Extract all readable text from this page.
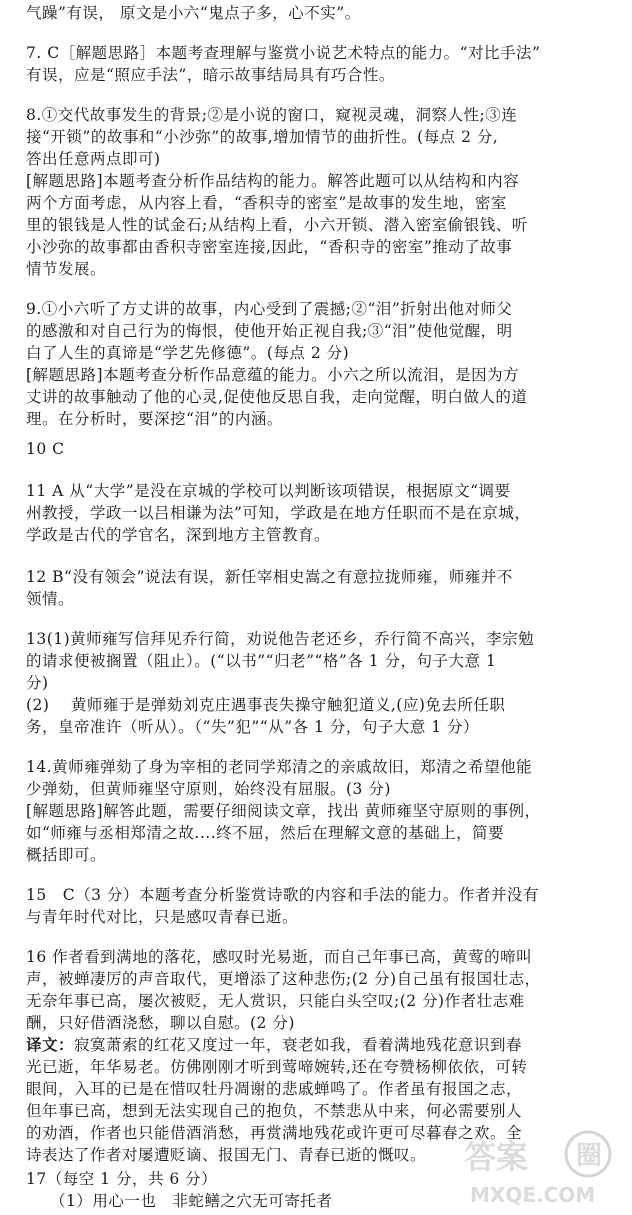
气躁”有误， 原文是小六“鬼点子多，心不实”。
7. C［解题思路］本题考查理解与鉴赏小说艺术特点的能力。“对比手法”
有误，应是“照应手法”，暗示故事结局具有巧合性。
8.①交代故事发生的背景;②是小说的窗口，窥视灵魂，洞察人性;③连
接“开锁”的故事和“小沙弥”的故事,增加情节的曲折性。(每点 2 分,
答出任意两点即可)
[解题思路]本题考查分析作品结构的能力。解答此题可以从结构和内容
两个方面考虑，从内容上看，“香积寺的密室”是故事的发生地，密室
里的银钱是人性的试金石;从结构上看，小六开锁、潜入密室偷银钱、听
小沙弥的故事都由香积寺密室连接,因此，“香积寺的密室”推动了故事
情节发展。
9.①小六听了方丈讲的故事，内心受到了震撼;②“泪”折射出他对师父
的感激和对自己行为的悔恨，使他开始正视自我;③“泪”使他觉醒，明
白了人生的真谛是“学艺先修德”。(每点 2 分)
[解题思路]本题考查分析作品意蕴的能力。小六之所以流泪，是因为方
丈讲的故事触动了他的心灵,促使他反思自我，走向觉醒，明白做人的道
理。在分析时，要深挖“泪”的内涵。
10 C
11 A 从“大学”是没在京城的学校可以判断该项错误，根据原文“调要
州教授，学政一以吕相谦为法”可知，学政是在地方任职而不是在京城，
学政是古代的学官名，深到地方主管教育。
12 B“没有领会”说法有误，新任宰相史嵩之有意拉拢师雍，师雍并不
领情。
13(1)黄师雍写信拜见乔行简，劝说他告老还乡，乔行简不高兴，李宗勉
的请求便被搁置（阻止）。(“以书”“归老”“格”各 1 分，句子大意 1
分)
(2)　 黄师雍于是弹劾刘克庄遇事丧失操守触犯道义,(应)免去所任职
务，皇帝准许（听从）。（“失”犯”“从”各 1 分，句子大意 1 分）
14.黄师雍弹劾了身为宰相的老同学郑清之的亲戚故旧，郑清之希望他能
少弹劾，但黄师雍坚守原则，始终没有屈服。(3 分)
[解题思路]解答此题，需要仔细阅读文章，找出 黄师雍坚守原则的事例，
如“师雍与丞相郑清之故....终不屈，然后在理解文意的基础上，简要
概括即可。
15　C（3 分）本题考查分析鉴赏诗歌的内容和手法的能力。作者并没有
与青年时代对比，只是感叹青春已逝。
16 作者看到满地的落花，感叹时光易逝，而自己年事已高，黄莺的啼叫
声，被蝉凄厉的声音取代，更增添了这种悲伤;(2 分)自己虽有报国壮志，
无奈年事已高，屡次被贬，无人赏识，只能白头空叹;(2 分)作者壮志难
酬，只好借酒浇愁，聊以自慰。(2 分)
译文：寂寞萧索的红花又度过一年，衰老如我，看着满地残花意识到春
光已逝，年华易老。仿佛刚刚才听到莺啼婉转,还在夸赞杨柳依依，可转
眼间，入耳的已是在惜叹牡丹凋谢的悲戚蝉鸣了。作者虽有报国之志，
但年事已高，想到无法实现自己的抱负，不禁悲从中来，何必需要别人
的劝酒，作者也只能借酒消愁，再赏满地残花或许更可尽暮春之欢。全
诗表达了作者对屡遭贬谪、报国无门、青春已逝的慨叹。
17（每空 1 分，共 6 分）
（1）用心一也　非蛇鳝之穴无可寄托者
答案 圈
MXQE.COM
